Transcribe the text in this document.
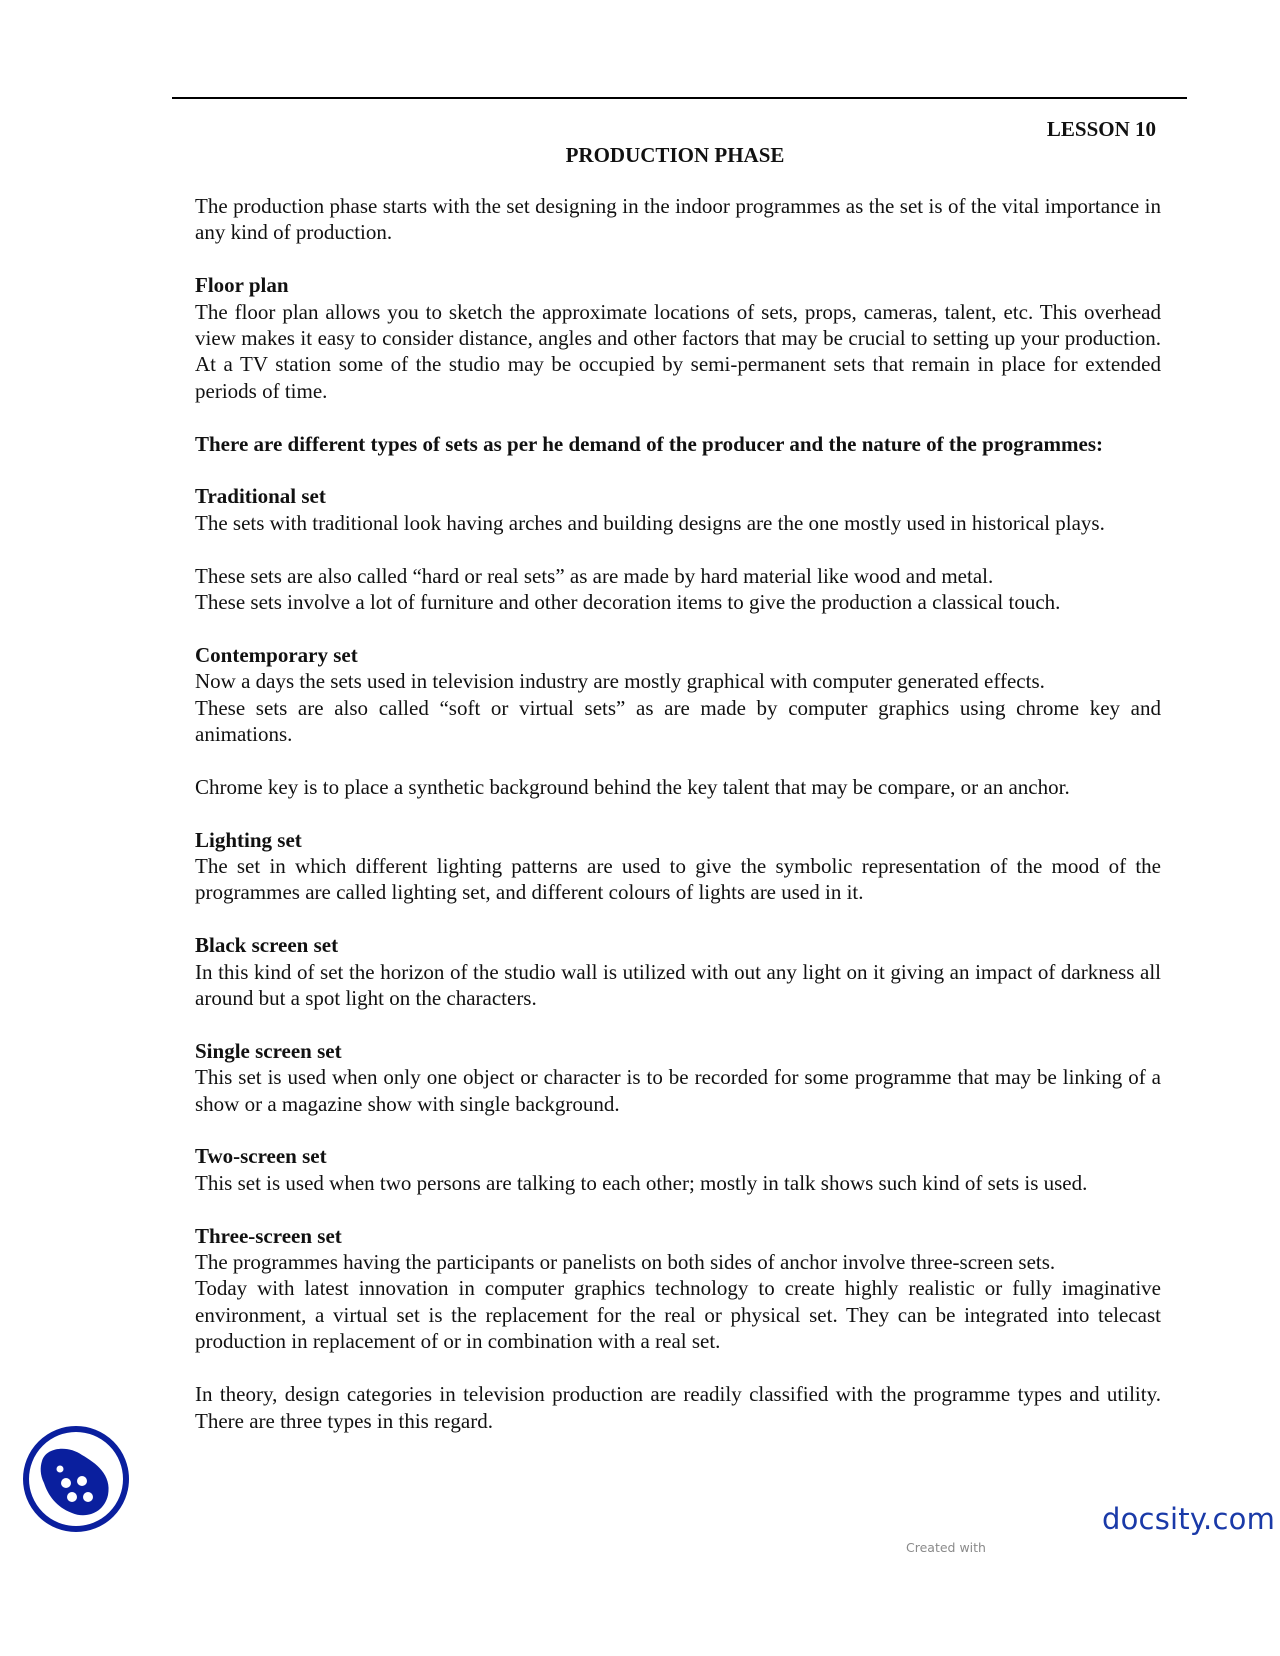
LESSON 10
PRODUCTION PHASE

The production phase starts with the set designing in the indoor programmes as the set is of the vital importance in any kind of production.

Floor plan
The floor plan allows you to sketch the approximate locations of sets, props, cameras, talent, etc. This overhead view makes it easy to consider distance, angles and other factors that may be crucial to setting up your production. At a TV station some of the studio may be occupied by semi-permanent sets that remain in place for extended periods of time.

There are different types of sets as per he demand of the producer and the nature of the programmes:

Traditional set
The sets with traditional look having arches and building designs are the one mostly used in historical plays.

These sets are also called “hard or real sets” as are made by hard material like wood and metal.
These sets involve a lot of furniture and other decoration items to give the production a classical touch.

Contemporary set
Now a days the sets used in television industry are mostly graphical with computer generated effects.
These sets are also called “soft or virtual sets” as are made by computer graphics using chrome key and animations.

Chrome key is to place a synthetic background behind the key talent that may be compare, or an anchor.

Lighting set
The set in which different lighting patterns are used to give the symbolic representation of the mood of the programmes are called lighting set, and different colours of lights are used in it.

Black screen set
In this kind of set the horizon of the studio wall is utilized with out any light on it giving an impact of darkness all around but a spot light on the characters.

Single screen set
This set is used when only one object or character is to be recorded for some programme that may be linking of a show or a magazine show with single background.

Two-screen set
This set is used when two persons are talking to each other; mostly in talk shows such kind of sets is used.

Three-screen set
The programmes having the participants or panelists on both sides of anchor involve three-screen sets.
Today with latest innovation in computer graphics technology to create highly realistic or fully imaginative environment, a virtual set is the replacement for the real or physical set. They can be integrated into telecast production in replacement of or in combination with a real set.

In theory, design categories in television production are readily classified with the programme types and utility. There are three types in this regard.

docsity.com
Created with
